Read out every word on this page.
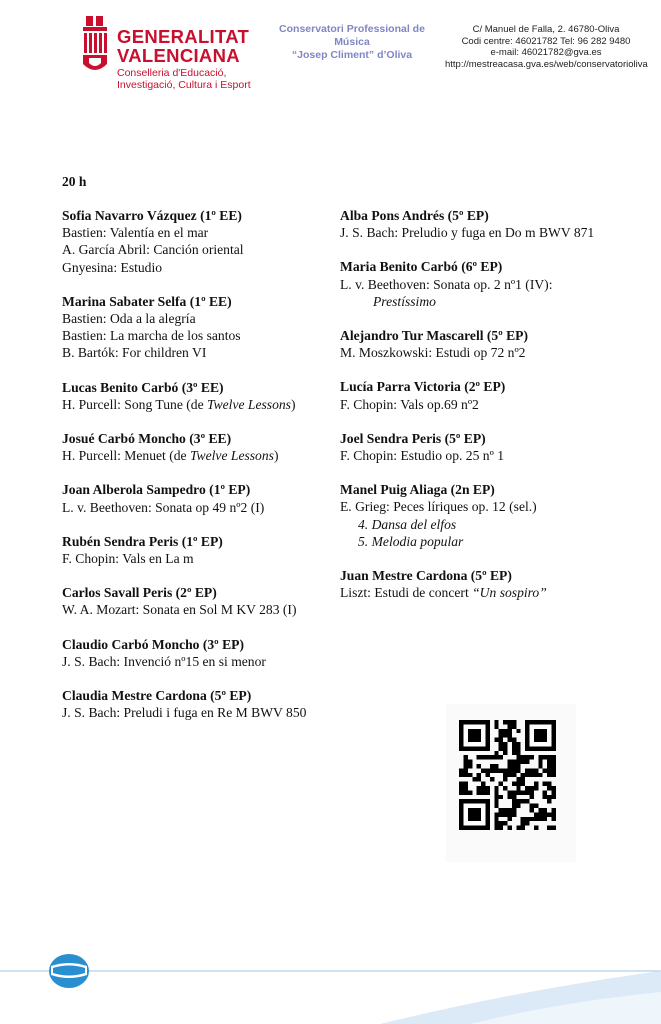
GENERALITAT
VALENCIANA
Conselleria d'Educació,
Investigació, Cultura i Esport
Conservatori Professional de Música
“Josep Climent” d’Oliva
C/ Manuel de Falla, 2. 46780-Oliva
Codi centre: 46021782 Tel: 96 282 9480
e-mail: 46021782@gva.es
http://mestreacasa.gva.es/web/conservatorioliva
20 h
Sofia Navarro Vázquez (1º EE)
Bastien: Valentía en el mar
A. García Abril: Canción oriental
Gnyesina: Estudio
Marina Sabater Selfa (1º EE)
Bastien: Oda a la alegría
Bastien: La marcha de los santos
B. Bartók: For children VI
Lucas Benito Carbó (3º EE)
H. Purcell: Song Tune (de Twelve Lessons)
Josué Carbó Moncho (3º EE)
H. Purcell: Menuet (de Twelve Lessons)
Joan Alberola Sampedro (1º EP)
L. v. Beethoven: Sonata op 49 nº2 (I)
Rubén Sendra Peris (1º EP)
F. Chopin: Vals en La m
Carlos Savall Peris (2º EP)
W. A. Mozart: Sonata en Sol M KV 283 (I)
Claudio Carbó Moncho (3º EP)
J. S. Bach: Invenció nº15 en si menor
Claudia Mestre Cardona (5º EP)
J. S. Bach: Preludi i fuga en Re M BWV 850
Alba Pons Andrés (5º EP)
J. S. Bach: Preludio y fuga en Do m BWV 871
Maria Benito Carbó (6º EP)
L. v. Beethoven: Sonata op. 2 nº1 (IV):
Prestíssimo
Alejandro Tur Mascarell (5º EP)
M. Moszkowski: Estudi op 72 nº2
Lucía Parra Victoria (2º EP)
F. Chopin: Vals op.69 nº2
Joel Sendra Peris (5º EP)
F. Chopin: Estudio op. 25 nº 1
Manel Puig Aliaga (2n EP)
E. Grieg: Peces líriques op. 12 (sel.)
4. Dansa del elfos
5. Melodia popular
Juan Mestre Cardona (5º EP)
Liszt: Estudi de concert “Un sospiro”
